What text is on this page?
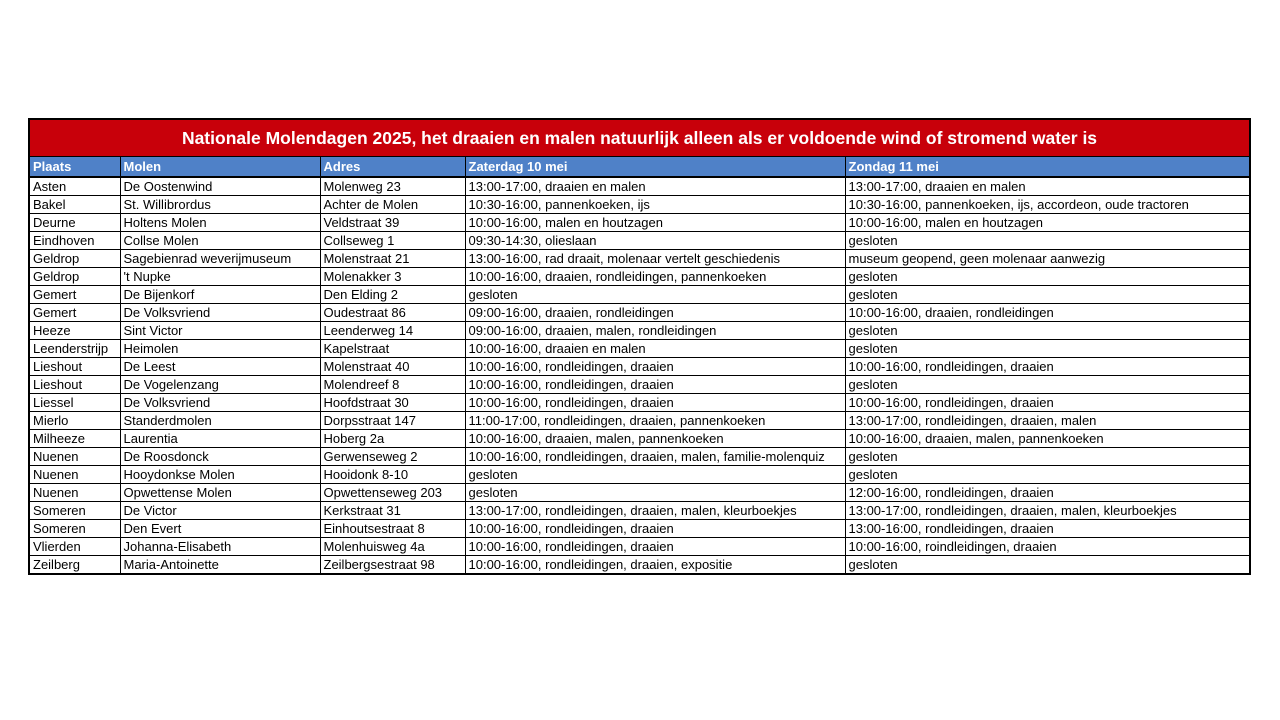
Nationale Molendagen 2025, het draaien en malen natuurlijk alleen als er voldoende wind of stromend water is
Plaats	Molen	Adres	Zaterdag 10 mei	Zondag 11 mei
Asten	De Oostenwind	Molenweg 23	13:00-17:00, draaien en malen	13:00-17:00, draaien en malen
Bakel	St. Willibrordus	Achter de Molen	10:30-16:00, pannenkoeken, ijs	10:30-16:00, pannenkoeken, ijs, accordeon, oude tractoren
Deurne	Holtens Molen	Veldstraat 39	10:00-16:00, malen en houtzagen	10:00-16:00, malen en houtzagen
Eindhoven	Collse Molen	Collseweg 1	09:30-14:30, olieslaan	gesloten
Geldrop	Sagebienrad weverijmuseum	Molenstraat 21	13:00-16:00, rad draait, molenaar vertelt geschiedenis	museum geopend, geen molenaar aanwezig
Geldrop	't Nupke	Molenakker 3	10:00-16:00, draaien, rondleidingen, pannenkoeken	gesloten
Gemert	De Bijenkorf	Den Elding 2	gesloten	gesloten
Gemert	De Volksvriend	Oudestraat 86	09:00-16:00, draaien, rondleidingen	10:00-16:00, draaien, rondleidingen
Heeze	Sint Victor	Leenderweg 14	09:00-16:00, draaien, malen, rondleidingen	gesloten
Leenderstrijp	Heimolen	Kapelstraat	10:00-16:00, draaien en malen	gesloten
Lieshout	De Leest	Molenstraat 40	10:00-16:00, rondleidingen, draaien	10:00-16:00, rondleidingen, draaien
Lieshout	De Vogelenzang	Molendreef 8	10:00-16:00, rondleidingen, draaien	gesloten
Liessel	De Volksvriend	Hoofdstraat 30	10:00-16:00, rondleidingen, draaien	10:00-16:00, rondleidingen, draaien
Mierlo	Standerdmolen	Dorpsstraat 147	11:00-17:00, rondleidingen, draaien, pannenkoeken	13:00-17:00, rondleidingen, draaien, malen
Milheeze	Laurentia	Hoberg 2a	10:00-16:00, draaien, malen, pannenkoeken	10:00-16:00, draaien, malen, pannenkoeken
Nuenen	De Roosdonck	Gerwenseweg 2	10:00-16:00, rondleidingen, draaien, malen, familie-molenquiz	gesloten
Nuenen	Hooydonkse Molen	Hooidonk 8-10	gesloten	gesloten
Nuenen	Opwettense Molen	Opwettenseweg 203	gesloten	12:00-16:00, rondleidingen, draaien
Someren	De Victor	Kerkstraat 31	13:00-17:00, rondleidingen, draaien, malen, kleurboekjes	13:00-17:00, rondleidingen, draaien, malen, kleurboekjes
Someren	Den Evert	Einhoutsestraat 8	10:00-16:00, rondleidingen, draaien	13:00-16:00, rondleidingen, draaien
Vlierden	Johanna-Elisabeth	Molenhuisweg 4a	10:00-16:00, rondleidingen, draaien	10:00-16:00, roindleidingen, draaien
Zeilberg	Maria-Antoinette	Zeilbergsestraat 98	10:00-16:00, rondleidingen, draaien, expositie	gesloten
